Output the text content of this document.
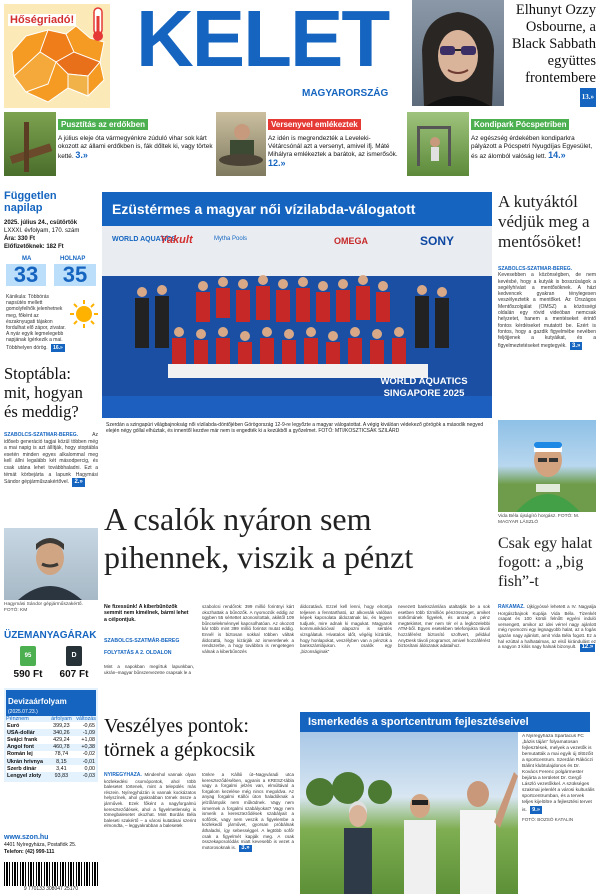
Hőségriadó! KELET
MAGYARORSZÁG
Elhunyt Ozzy Osbourne, a Black Sabbath együttes frontembere 13.»
Pusztítás az erdőkben
A július eleje óta vármegyénkre zúduló vihar sok kárt okozott az állami erdőkben is, fák dőltek ki, vagy törtek ketté. 3.»
Versenyvel emlékeztek
Az idén is megrendezték a Leveleki-Vétárcsónál azt a versenyt, amivel ifj. Máté Mihályra emlékeztek a barátok, az ismerősök. 12.»
Kondipark Pócspetriben
Az egészség érdekében kondiparkra pályázott a Pócspetri Nyugdíjas Egyesület, és az álomból valóság lett. 14.»
Független napilap
2025. július 24., csütörtök
LXXXI. évfolyam, 170. szám
Ára: 330 Ft
Előfizetőknek: 182 Ft
MA
33
HOLNAP
35
Kánikula: Többórás napsütés mellett gomolyfelhők jelenhetnek meg, főként az északnyugati tájakon fordulhat elő zápor, zivatar. A nyár egyik legmelegebb napjának ígérkezik a mai. Többhelyen dörög. 16.»
Stoptábla: mit, hogyan és meddig?
SZABOLCS-SZATMÁR-BEREG.	Az időseb generáció tagjai közül többen még a mai napig is azt állítják, hogy stoptábla esetén minden egyes alkalommal meg kell állni legalább két másodpercig, és csak utána lehet továbbhaladni. Ezt a témát körbejárta a lapunk Hagymási Sándor gépjárműszakértővel. 2.»
Hagymási Sándor gépjárműszakértő. FOTÓ: KM
ÜZEMANYAGÁRAK
95
590 Ft
D
607 Ft
Devizaárfolyam
(2025.07.23.)
Pénznem	árfolyam	változás
Euró	399,23	-0,65
USA-dollár	340,26	-1,09
Svájci frank	429,24	+1,08
Angol font	460,78	+0,38
Román lej	78,74	-0,02
Ukrán hrivnya	8,15	-0,01
Szerb dínár	3,41	0,00
Lengyel zloty	93,83	-0,03
www.szon.hu
4401 Nyíregyháza, Postafiók 25.
Telefon: (42) 999-111
9 770133 308047 25170
Ezüstérmes a magyar női vízilabda-válogatott
WORLD AQUATICS
Yakult	Mytha Pools	OMEGA	SONY
WORLD AQUATICS SINGAPORE 2025
Szerdán a szingapúri világbajnokság női vízilabda-döntőjében Görögország 12-9-re legyőzte a magyar válogatottat. A végig kiválóan védekező görögök a második negyed elején négy góllal elhúztak, és innentől kezdve már nem is engedték ki a kezükből a győzelmet. FOTÓ: MTI/KOSZTICSÁK SZILÁRD
A csalók nyáron sem pihennek, viszik a pénzt
Ne fizessünk! A kiberbűnözők semmit nem kímélnek, bármi lehet a célpontjuk.
SZABOLCS-SZATMÁR-BEREG
FOLYTATÁS A 2. OLDALON
Mint a napokban megírtuk lapunkban, ukrán–magyar bűnszervezetre csapsak le a
szabolcsi rendőrök: 399 millió forintnyi kárt okozhattak a bűnözők. A nyomozók eddig az ügyben 55 sértettet azonosítottak, akiktől 109 bűncselekménnyel kapcsolhatóan. Az okozott kár több mint 399 millió forintot mutat eddig. Ennél is biztosan sokkal többen váltak áldozattá, hogy kizárják az ismeretlenek a rendszerbe, a hogy továbbra is rengetegen válnak a kiberbűnözés
áldozatává. Ezzel kell lenni, hogy elrontja teljesen a fenntartható, az alkovsák valóban képek kapcsolata áldozatnak lai, és legyen tudjunk, mire adnak ki magukat. Magyarok kommunikációval alapozni is sérülés vizsgálatuk. Hivatalos időt, végéig kizárták, hogy honlapokat, veszélyben van a pénzük a bankszámlájukon. A csalók egy „bizonságinak”
nevezett bankszámlára utaltatják be a sok esetben több tízmilliós pénzösszeget, amiket sürkőmánek figyelek, és annak a pénz megtekintet, mer nem tér el a legközelebbi ATM-ből. Egyes esetekben telefonjukra távoli hozzáférést biztosító szoftvert, például AnyDesk távoli programot, amivel hozzáférést biztosítani áldozatuk adataihoz.
Veszélyes pontok: törnek a gépkocsik
NYÍREGYHÁZA. Mindenhol vannak olyan közlekedési csomópontok, ahol több balesetet törtenek, mint a település más részein. Nyíregyházán is vannak kockázatos helyszínek, ahol gyakrabban törnek össze a járművek. Ezek főként a nagyforgalmú kereszteződések, ahol a figyelmetlenség is tömegbalesetet okozhat. Mint Bordás Béla baleseti szakértő – a városi kutatásai szerint elmondta, – leggyakrabban a balesetek
tönkre a Kállói út–Nagyváradi utca kereszteződésében, ugyanis a KRESZ-tábla vagy a forgalmi jelzés van, elmúltával a forgalom kezelése még nincs megoldva. Az anyag forgalmi Kállói úton haladóknak a jelzőlámpák nem működnek. Vagy nem ismernek a forgalmi szabályokat? Vagy nem ismerik a kereszteződések szabályait a sofőrök, vagy nem veszik a figyelembe a közlekedő járművet, gyorsan próbálnak áthaladni, így sebességgel. A legtöbb sofőr csak a figyelmét kapják meg. A csak összekapcsolódás miatt kevesebb is vezet a motorosoknak is. 3.»
Ismerkedés a sportcentrum fejlesztéseivel
A Nyíregyháza Spartacus FC „bázis táján” folyamatosan fejlesztések, melyek a vezetők is bemutatták a mai egyik új öltözőit a sportcentrum. Szerdán Rákóczi Bálint klubtulajdonos és Dr. Kovács Ferenc polgármester bejárta a területet Dr. Gergő László vezetőkkel. A szükséges szakmai jelenlét a városi kulturális sportcentrumban, és a tervek teljes kijelöltre a fejlesztési tervet is. 9.»
FOTÓ: BOZSÓ KATALIN
A kutyáktól védjük meg a mentősöket!
SZABOLCS-SZATMÁR-BEREG. Kevesebben a közönségben, de nem kevésbé, hogy a kutyák is bosszúságok a segélyhívást a mentősöknek. A házi kedvencek gyakran ténylegesen veszélyeztetik a mentőket. Az Országos Mentőszolgálat (OMSZ) a közösségi oldalán egy rövid videóban nemcsak helyzetet, hanem a mentéseket érintő fontos kérdéseket mutatott be. Ezért is fontos, hogy a gazdik figyelmébe nevében feljöjjenek a kutyáikat, és a figyelmeztetéseket megtegyék. 3.»
Vida Béla újságíró horgász. FOTÓ: M. MAGYAR LÁSZLÓ
Csak egy halat fogott: a „big fish”-t
RAKAMAZ. Újkígyóssé lehetett a IV. Nagyalja Horgászbajnok Kupája Vida Béla. Tizenkét csapat és 100 körüli felnőtt egyéni induló versengett, amikor az idei vérrel nagy ajánlott még nyomozni egy legnagyobb halat, az a fogás igazán nagy ajánlott, amit Vida Béla fogott. Ez a hal ezúttal a halhatalmas, az első kirándulást ez a nagyon 3 kilós nagy halnak bizonyult. 12.»
